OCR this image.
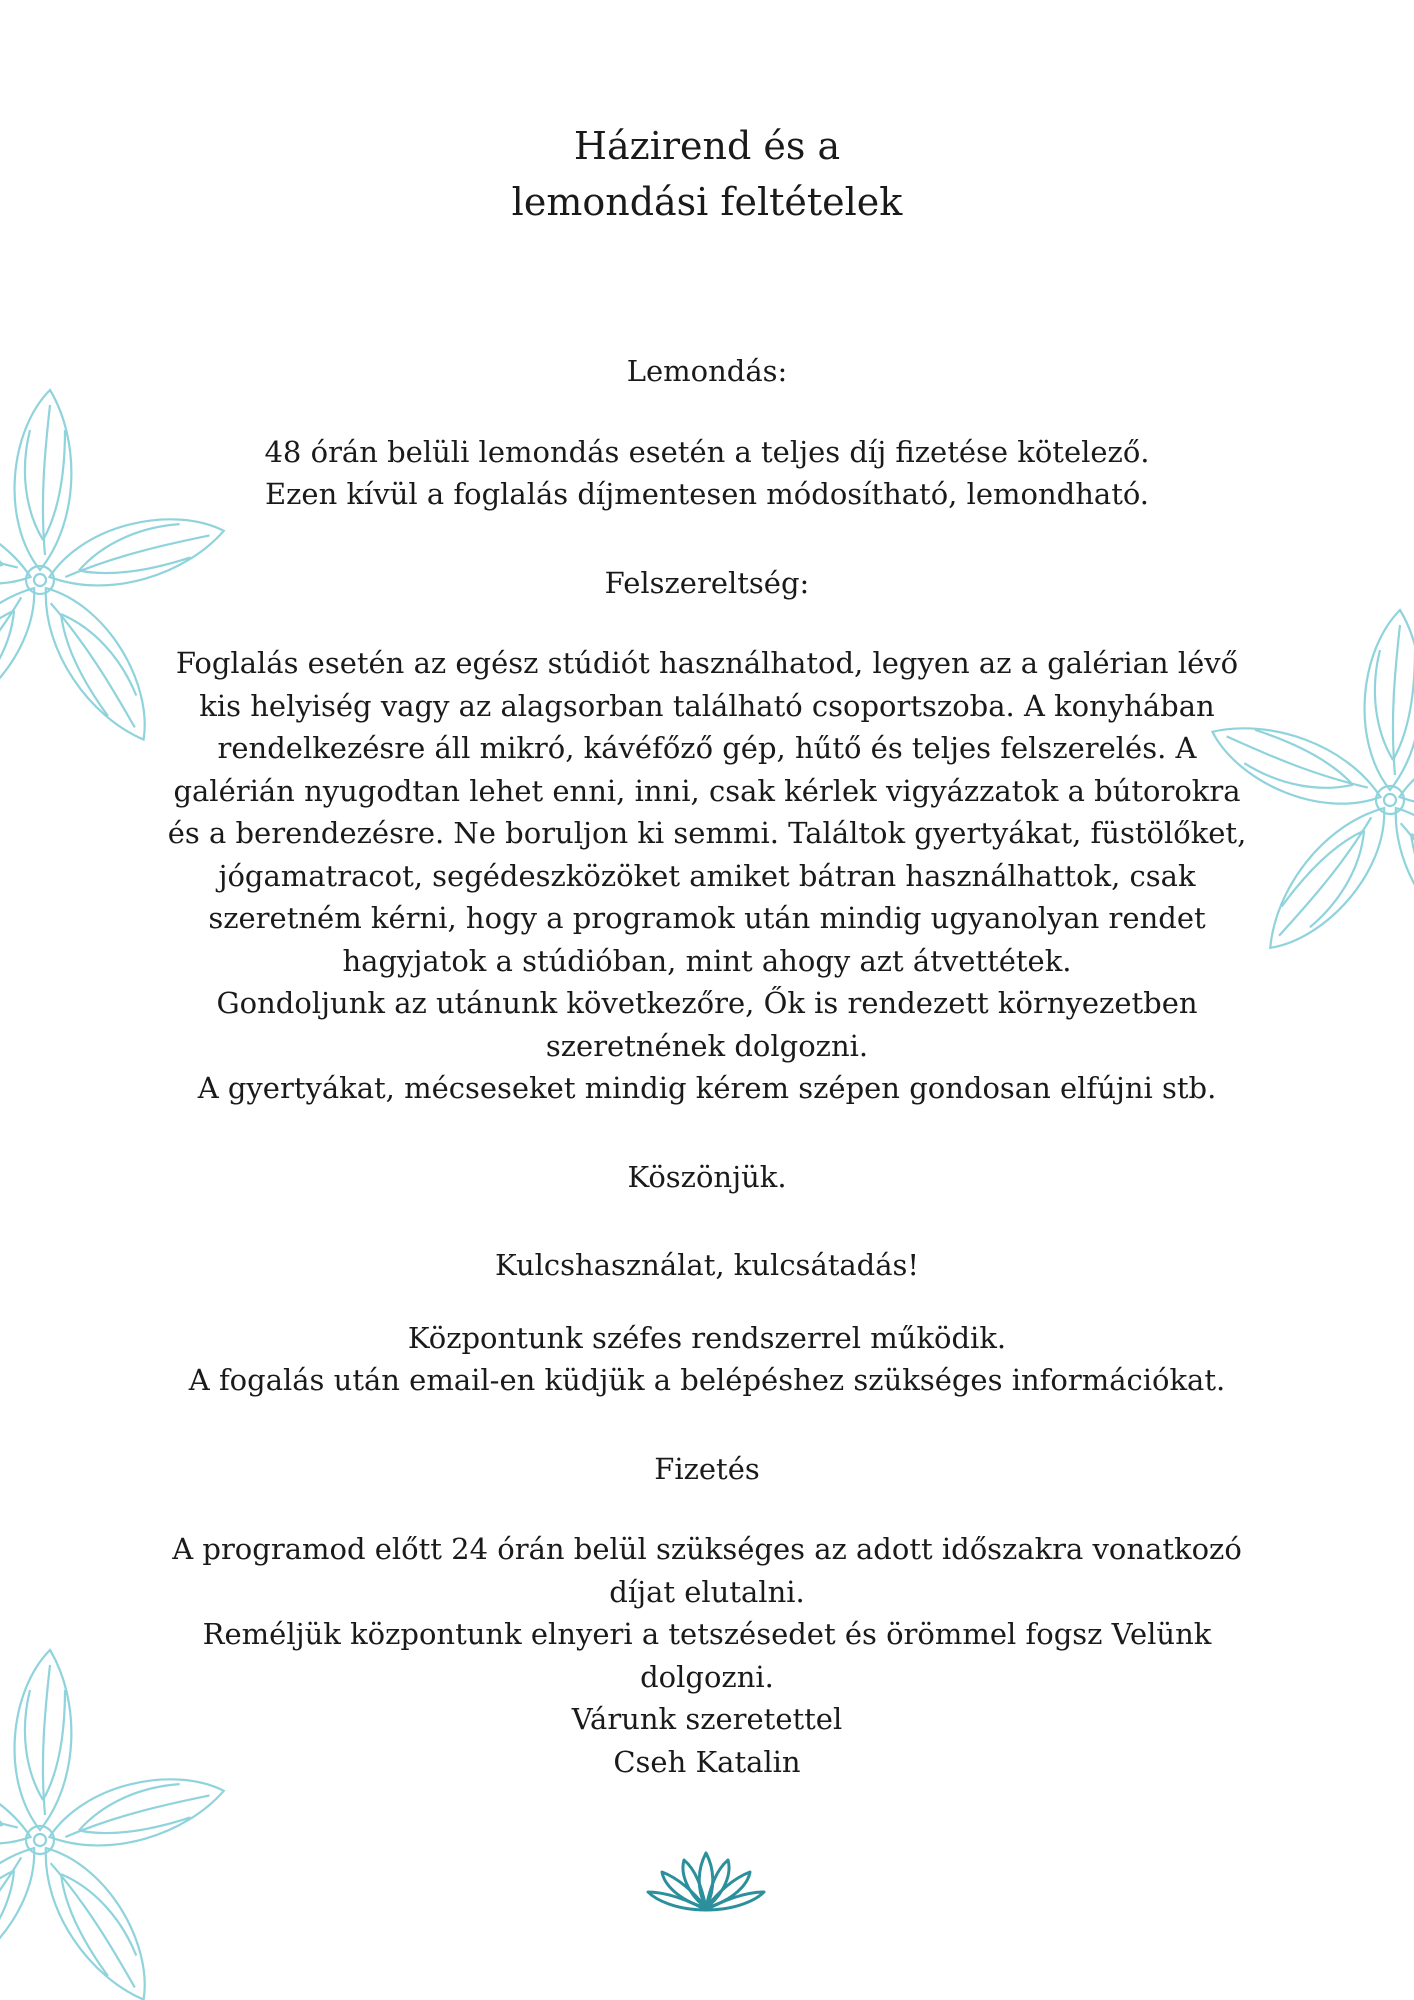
Házirend és a
lemondási feltételek

Lemondás:

48 órán belüli lemondás esetén a teljes díj fizetése kötelező.
Ezen kívül a foglalás díjmentesen módosítható, lemondható.

Felszereltség:

Foglalás esetén az egész stúdiót használhatod, legyen az a galérian lévő
kis helyiség vagy az alagsorban található csoportszoba. A konyhában
rendelkezésre áll mikró, kávéfőző gép, hűtő és teljes felszerelés. A
galérián nyugodtan lehet enni, inni, csak kérlek vigyázzatok a bútorokra
és a berendezésre. Ne boruljon ki semmi. Találtok gyertyákat, füstölőket,
jógamatracot, segédeszközöket amiket bátran használhattok, csak
szeretném kérni, hogy a programok után mindig ugyanolyan rendet
hagyjatok a stúdióban, mint ahogy azt átvettétek.
Gondoljunk az utánunk következőre, Ők is rendezett környezetben
szeretnének dolgozni.
A gyertyákat, mécseseket mindig kérem szépen gondosan elfújni stb.

Köszönjük.

Kulcshasználat, kulcsátadás!

Központunk széfes rendszerrel működik.
A fogalás után email-en küdjük a belépéshez szükséges információkat.

Fizetés

A programod előtt 24 órán belül szükséges az adott időszakra vonatkozó
díjat elutalni.
Reméljük központunk elnyeri a tetszésedet és örömmel fogsz Velünk
dolgozni.
Várunk szeretettel
Cseh Katalin
